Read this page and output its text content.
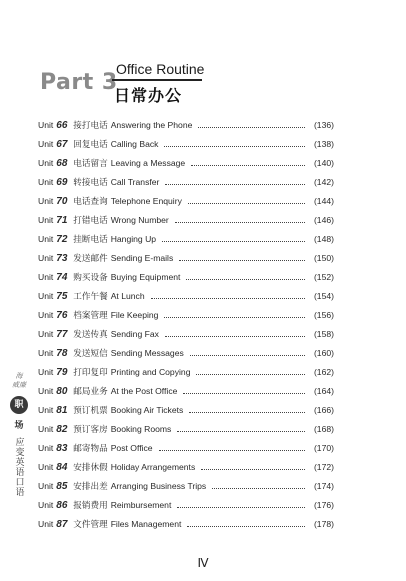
Part 3
Office Routine
日常办公
Unit 66 接打电话 Answering the Phone	(136)
Unit 67 回复电话 Calling Back	(138)
Unit 68 电话留言 Leaving a Message	(140)
Unit 69 转接电话 Call Transfer	(142)
Unit 70 电话查询 Telephone Enquiry	(144)
Unit 71 打错电话 Wrong Number	(146)
Unit 72 挂断电话 Hanging Up	(148)
Unit 73 发送邮件 Sending E-mails	(150)
Unit 74 购买设备 Buying Equipment	(152)
Unit 75 工作午餐 At Lunch	(154)
Unit 76 档案管理 File Keeping	(156)
Unit 77 发送传真 Sending Fax	(158)
Unit 78 发送短信 Sending Messages	(160)
Unit 79 打印复印 Printing and Copying	(162)
Unit 80 邮局业务 At the Post Office	(164)
Unit 81 预订机票 Booking Air Tickets	(166)
Unit 82 预订客房 Booking Rooms	(168)
Unit 83 邮寄物品 Post Office	(170)
Unit 84 安排休假 Holiday Arrangements	(172)
Unit 85 安排出差 Arranging Business Trips	(174)
Unit 86 报销费用 Reimbursement	(176)
Unit 87 文件管理 Files Management	(178)
海
威廉
职
场
应变英语口语
Ⅳ
